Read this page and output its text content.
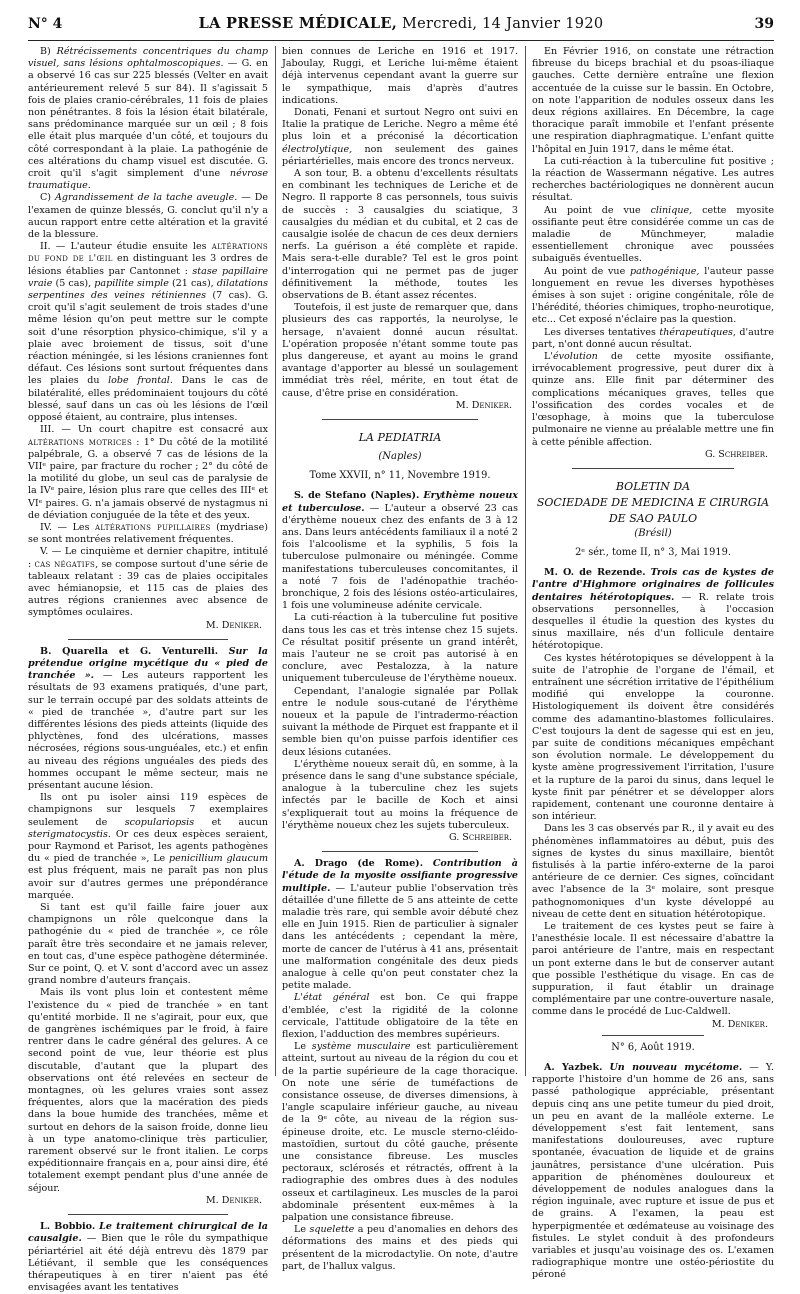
N° 4	LA PRESSE MÉDICALE, Mercredi, 14 Janvier 1920	39

B) Rétrécissements concentriques du champ visuel, sans lésions ophtalmoscopiques. — G. en a observé 16 cas sur 225 blessés (Velter en avait antérieurement relevé 5 sur 84). Il s'agissait 5 fois de plaies cranio-cérébrales, 11 fois de plaies non pénétrantes. 8 fois la lésion était bilatérale, sans prédominance marquée sur un œil ; 8 fois elle était plus marquée d'un côté, et toujours du côté correspondant à la plaie. La pathogénie de ces altérations du champ visuel est discutée. G. croit qu'il s'agit simplement d'une névrose traumatique.

C) Agrandissement de la tache aveugle. — De l'examen de quinze blessés, G. conclut qu'il n'y a aucun rapport entre cette altération et la gravité de la blessure.

II. — L'auteur étudie ensuite les altérations du fond de l'œil en distinguant les 3 ordres de lésions établies par Cantonnet : stase papillaire vraie (5 cas), papillite simple (21 cas), dilatations serpentines des veines rétiniennes (7 cas). G. croit qu'il s'agit seulement de trois stades d'une même lésion qu'on peut mettre sur le compte soit d'une résorption physico-chimique, s'il y a plaie avec broiement de tissus, soit d'une réaction méningée, si les lésions craniennes font défaut. Ces lésions sont surtout fréquentes dans les plaies du lobe frontal. Dans le cas de bilatéralité, elles prédominaient toujours du côté blessé, sauf dans un cas où les lésions de l'œil opposé étaient, au contraire, plus intenses.

III. — Un court chapitre est consacré aux altérations motrices : 1° Du côté de la motilité palpébrale, G. a observé 7 cas de lésions de la VIIᵉ paire, par fracture du rocher ; 2° du côté de la motilité du globe, un seul cas de paralysie de la IVᵉ paire, lésion plus rare que celles des IIIᵉ et VIᵉ paires. G. n'a jamais observé de nystagmus ni de déviation conjuguée de la tête et des yeux.

IV. — Les altérations pupillaires (mydriase) se sont montrées relativement fréquentes.

V. — Le cinquième et dernier chapitre, intitulé : cas négatifs, se compose surtout d'une série de tableaux relatant : 39 cas de plaies occipitales avec hémianopsie, et 115 cas de plaies des autres régions craniennes avec absence de symptômes oculaires.

M. Deniker.

B. Quarella et G. Venturelli. Sur la prétendue origine mycétique du « pied de tranchée ». — Les auteurs rapportent les résultats de 93 examens pratiqués, d'une part, sur le terrain occupé par des soldats atteints de « pied de tranchée », d'autre part sur les différentes lésions des pieds atteints (liquide des phlyctènes, fond des ulcérations, masses nécrosées, régions sous-unguéales, etc.) et enfin au niveau des régions unguéales des pieds des hommes occupant le même secteur, mais ne présentant aucune lésion.

Ils ont pu isoler ainsi 119 espèces de champignons sur lesquels 7 exemplaires seulement de scopulariopsis et aucun sterigmatocystis. Or ces deux espèces seraient, pour Raymond et Parisot, les agents pathogènes du « pied de tranchée », Le penicillium glaucum est plus fréquent, mais ne paraît pas non plus avoir sur d'autres germes une prépondérance marquée.

Si tant est qu'il faille faire jouer aux champignons un rôle quelconque dans la pathogénie du « pied de tranchée », ce rôle paraît être très secondaire et ne jamais relever, en tout cas, d'une espèce pathogène déterminée. Sur ce point, Q. et V. sont d'accord avec un assez grand nombre d'auteurs français.

Mais ils vont plus loin et contestent même l'existence du « pied de tranchée » en tant qu'entité morbide. Il ne s'agirait, pour eux, que de gangrènes ischémiques par le froid, à faire rentrer dans le cadre général des gelures. A ce second point de vue, leur théorie est plus discutable, d'autant que la plupart des observations ont été relevées en secteur de montagnes, où les gelures vraies sont assez fréquentes, alors que la macération des pieds dans la boue humide des tranchées, même et surtout en dehors de la saison froide, donne lieu à un type anatomo-clinique très particulier, rarement observé sur le front italien. Le corps expéditionnaire français en a, pour ainsi dire, été totalement exempt pendant plus d'une année de séjour.

M. Deniker.

L. Bobbio. Le traitement chirurgical de la causalgie. — Bien que le rôle du sympathique périartériel ait été déjà entrevu dès 1879 par Létiévant, il semble que les conséquences thérapeutiques à en tirer n'aient pas été envisagées avant les tentatives

bien connues de Leriche en 1916 et 1917. Jaboulay, Ruggi, et Leriche lui-même étaient déjà intervenus cependant avant la guerre sur le sympathique, mais d'après d'autres indications.

Donati, Fenani et surtout Negro ont suivi en Italie la pratique de Leriche. Negro a même été plus loin et a préconisé la décortication électrolytique, non seulement des gaines périartérielles, mais encore des troncs nerveux.

A son tour, B. a obtenu d'excellents résultats en combinant les techniques de Leriche et de Negro. Il rapporte 8 cas personnels, tous suivis de succès : 3 causalgies du sciatique, 3 causalgies du médian et du cubital, et 2 cas de causalgie isolée de chacun de ces deux derniers nerfs. La guérison a été complète et rapide. Mais sera-t-elle durable? Tel est le gros point d'interrogation qui ne permet pas de juger définitivement la méthode, toutes les observations de B. étant assez récentes.

Toutefois, il est juste de remarquer que, dans plusieurs des cas rapportés, la neurolyse, le hersage, n'avaient donné aucun résultat. L'opération proposée n'étant somme toute pas plus dangereuse, et ayant au moins le grand avantage d'apporter au blessé un soulagement immédiat très réel, mérite, en tout état de cause, d'être prise en considération.

M. Deniker.
LA PEDIATRIA
(Naples)
Tome XXVII, n° 11, Novembre 1919.

S. de Stefano (Naples). Erythème noueux et tuberculose. — L'auteur a observé 23 cas d'érythème noueux chez des enfants de 3 à 12 ans. Dans leurs antécédents familiaux il a noté 2 fois l'alcoolisme et la syphilis, 5 fois la tuberculose pulmonaire ou méningée. Comme manifestations tuberculeuses concomitantes, il a noté 7 fois de l'adénopathie trachéo-bronchique, 2 fois des lésions ostéo-articulaires, 1 fois une volumineuse adénite cervicale.

La cuti-réaction à la tuberculine fut positive dans tous les cas et très intense chez 15 sujets. Ce résultat positif présente un grand intérêt, mais l'auteur ne se croit pas autorisé à en conclure, avec Pestalozza, à la nature uniquement tuberculeuse de l'érythème noueux.

Cependant, l'analogie signalée par Pollak entre le nodule sous-cutané de l'érythème noueux et la papule de l'intradermo-réaction suivant la méthode de Pirquet est frappante et il semble bien qu'on puisse parfois identifier ces deux lésions cutanées.

L'érythème noueux serait dû, en somme, à la présence dans le sang d'une substance spéciale, analogue à la tuberculine chez les sujets infectés par le bacille de Koch et ainsi s'expliquerait tout au moins la fréquence de l'érythème noueux chez les sujets tuberculeux.

G. Schreiber.

A. Drago (de Rome). Contribution à l'étude de la myosite ossifiante progressive multiple. — L'auteur publie l'observation très détaillée d'une fillette de 5 ans atteinte de cette maladie très rare, qui semble avoir débuté chez elle en Juin 1915. Rien de particulier à signaler dans les antécédents ; cependant la mère, morte de cancer de l'utérus à 41 ans, présentait une malformation congénitale des deux pieds analogue à celle qu'on peut constater chez la petite malade.

L'état général est bon. Ce qui frappe d'emblée, c'est la rigidité de la colonne cervicale, l'attitude obligatoire de la tête en flexion, l'adduction des membres supérieurs.

Le système musculaire est particulièrement atteint, surtout au niveau de la région du cou et de la partie supérieure de la cage thoracique. On note une série de tuméfactions de consistance osseuse, de diverses dimensions, à l'angle scapulaire inférieur gauche, au niveau de la 9ᵉ côte, au niveau de la région sus-épineuse droite, etc. Le muscle sterno-cléido-mastoïdien, surtout du côté gauche, présente une consistance fibreuse. Les muscles pectoraux, sclérosés et rétractés, offrent à la radiographie des ombres dues à des nodules osseux et cartilagineux. Les muscles de la paroi abdominale présentent eux-mêmes à la palpation une consistance fibreuse.

Le squelette a peu d'anomalies en dehors des déformations des mains et des pieds qui présentent de la microdactylie. On note, d'autre part, de l'hallux valgus.

En Février 1916, on constate une rétraction fibreuse du biceps brachial et du psoas-iliaque gauches. Cette dernière entraîne une flexion accentuée de la cuisse sur le bassin. En Octobre, on note l'apparition de nodules osseux dans les deux régions axillaires. En Décembre, la cage thoracique paraît immobile et l'enfant présente une respiration diaphragmatique. L'enfant quitte l'hôpital en Juin 1917, dans le même état.

La cuti-réaction à la tuberculine fut positive ; la réaction de Wassermann négative. Les autres recherches bactériologiques ne donnèrent aucun résultat.

Au point de vue clinique, cette myosite ossifiante peut être considérée comme un cas de maladie de Münchmeyer, maladie essentiellement chronique avec poussées subaiguës éventuelles.

Au point de vue pathogénique, l'auteur passe longuement en revue les diverses hypothèses émises à son sujet : origine congénitale, rôle de l'hérédité, théories chimiques, tropho-neurotique, etc... Cet exposé n'éclaire pas la question.

Les diverses tentatives thérapeutiques, d'autre part, n'ont donné aucun résultat.

L'évolution de cette myosite ossifiante, irrévocablement progressive, peut durer dix à quinze ans. Elle finit par déterminer des complications mécaniques graves, telles que l'ossification des cordes vocales et de l'œsophage, à moins que la tuberculose pulmonaire ne vienne au préalable mettre une fin à cette pénible affection.

G. Schreiber.
BOLETIN DA
SOCIEDADE DE MEDICINA E CIRURGIA
DE SAO PAULO
(Brésil)
2ᵉ sér., tome II, n° 3, Mai 1919.

M. O. de Rezende. Trois cas de kystes de l'antre d'Highmore originaires de follicules dentaires hétérotopiques. — R. relate trois observations personnelles, à l'occasion desquelles il étudie la question des kystes du sinus maxillaire, nés d'un follicule dentaire hétérotopique.

Ces kystes hétérotopiques se développent à la suite de l'atrophie de l'organe de l'émail, et entraînent une sécrétion irritative de l'épithélium modifié qui enveloppe la couronne. Histologiquement ils doivent être considérés comme des adamantino-blastomes folliculaires. C'est toujours la dent de sagesse qui est en jeu, par suite de conditions mécaniques empêchant son évolution normale. Le développement du kyste amène progressivement l'irritation, l'usure et la rupture de la paroi du sinus, dans lequel le kyste finit par pénétrer et se développer alors rapidement, contenant une couronne dentaire à son intérieur.

Dans les 3 cas observés par R., il y avait eu des phénomènes inflammatoires au début, puis des signes de kystes du sinus maxillaire, bientôt fistulisés à la partie inféro-externe de la paroi antérieure de ce dernier. Ces signes, coïncidant avec l'absence de la 3ᵉ molaire, sont presque pathognomoniques d'un kyste développé au niveau de cette dent en situation hétérotopique.

Le traitement de ces kystes peut se faire à l'anesthésie locale. Il est nécessaire d'abattre la paroi antérieure de l'antre, mais en respectant un pont externe dans le but de conserver autant que possible l'esthétique du visage. En cas de suppuration, il faut établir un drainage complémentaire par une contre-ouverture nasale, comme dans le procédé de Luc-Caldwell.

M. Deniker.
N° 6, Août 1919.

A. Yazbek. Un nouveau mycétome. — Y. rapporte l'histoire d'un homme de 26 ans, sans passé pathologique appréciable, présentant depuis cinq ans une petite tumeur du pied droit, un peu en avant de la malléole externe. Le développement s'est fait lentement, sans manifestations douloureuses, avec rupture spontanée, évacuation de liquide et de grains jaunâtres, persistance d'une ulcération. Puis apparition de phénomènes douloureux et développement de nodules analogues dans la région inguinale, avec rupture et issue de pus et de grains. A l'examen, la peau est hyperpigmentée et œdémateuse au voisinage des fistules. Le stylet conduit à des profondeurs variables et jusqu'au voisinage des os. L'examen radiographique montre une ostéo-périostite du péroné
